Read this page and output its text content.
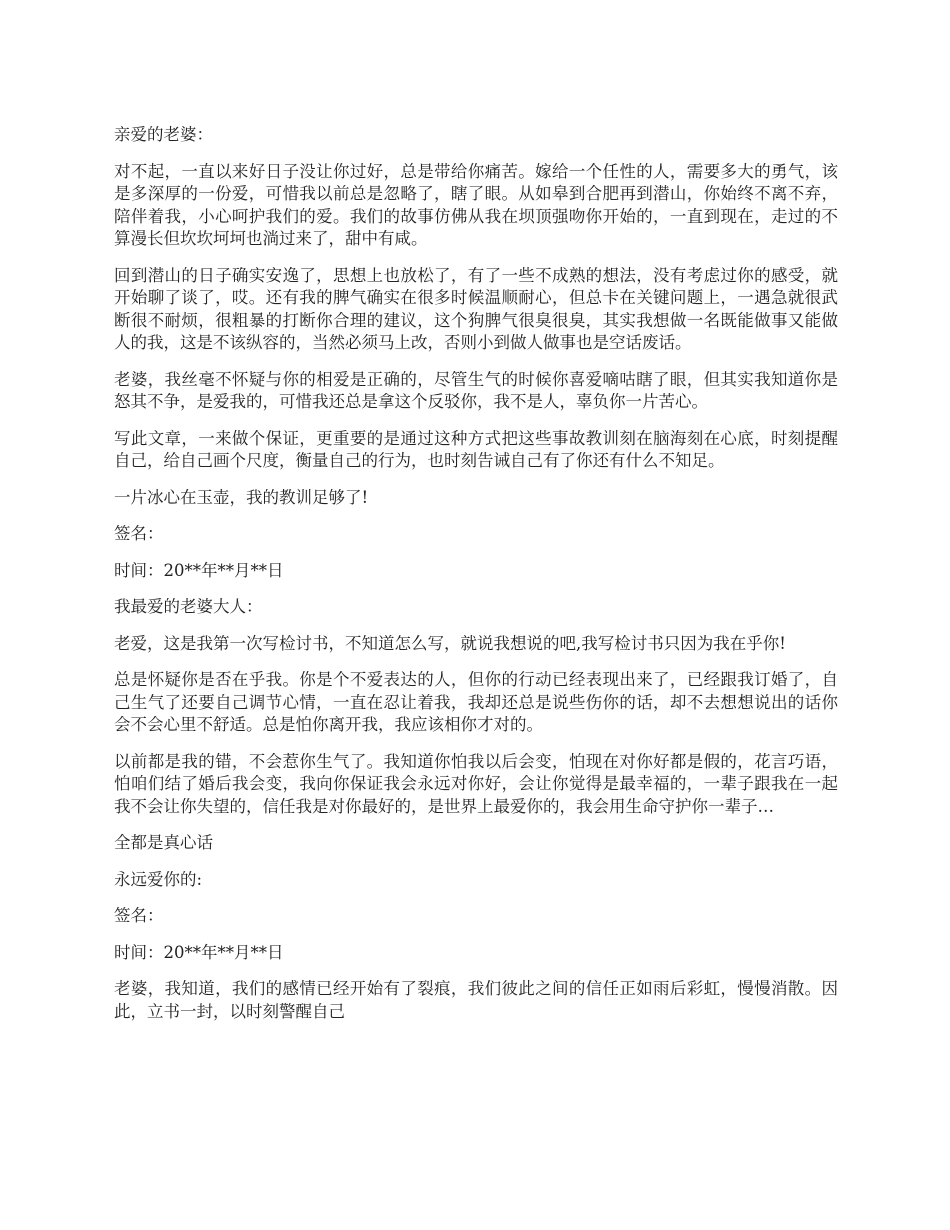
亲爱的老婆：

对不起，一直以来好日子没让你过好，总是带给你痛苦。嫁给一个任性的人，需要多大的勇气，该是多深厚的一份爱，可惜我以前总是忽略了，瞎了眼。从如皋到合肥再到潜山，你始终不离不弃，陪伴着我，小心呵护我们的爱。我们的故事仿佛从我在坝顶强吻你开始的，一直到现在，走过的不算漫长但坎坎坷坷也淌过来了，甜中有咸。

回到潜山的日子确实安逸了，思想上也放松了，有了一些不成熟的想法，没有考虑过你的感受，就开始聊了谈了，哎。还有我的脾气确实在很多时候温顺耐心，但总卡在关键问题上，一遇急就很武断很不耐烦，很粗暴的打断你合理的建议，这个狗脾气很臭很臭，其实我想做一名既能做事又能做人的我，这是不该纵容的，当然必须马上改，否则小到做人做事也是空话废话。

老婆，我丝毫不怀疑与你的相爱是正确的，尽管生气的时候你喜爱嘀咕瞎了眼，但其实我知道你是怒其不争，是爱我的，可惜我还总是拿这个反驳你，我不是人，辜负你一片苦心。

写此文章，一来做个保证，更重要的是通过这种方式把这些事故教训刻在脑海刻在心底，时刻提醒自己，给自己画个尺度，衡量自己的行为，也时刻告诫自己有了你还有什么不知足。

一片冰心在玉壶，我的教训足够了!

签名：

时间：20**年**月**日

我最爱的老婆大人：

老爱，这是我第一次写检讨书，不知道怎么写，就说我想说的吧,我写检讨书只因为我在乎你!

总是怀疑你是否在乎我。你是个不爱表达的人，但你的行动已经表现出来了，已经跟我订婚了，自己生气了还要自己调节心情，一直在忍让着我，我却还总是说些伤你的话，却不去想想说出的话你会不会心里不舒适。总是怕你离开我，我应该相你才对的。

以前都是我的错，不会惹你生气了。我知道你怕我以后会变，怕现在对你好都是假的，花言巧语，怕咱们结了婚后我会变，我向你保证我会永远对你好，会让你觉得是最幸福的，一辈子跟我在一起我不会让你失望的，信任我是对你最好的，是世界上最爱你的，我会用生命守护你一辈子…

全都是真心话

永远爱你的:

签名：

时间：20**年**月**日

老婆，我知道，我们的感情已经开始有了裂痕，我们彼此之间的信任正如雨后彩虹，慢慢消散。因此，立书一封，以时刻警醒自己
